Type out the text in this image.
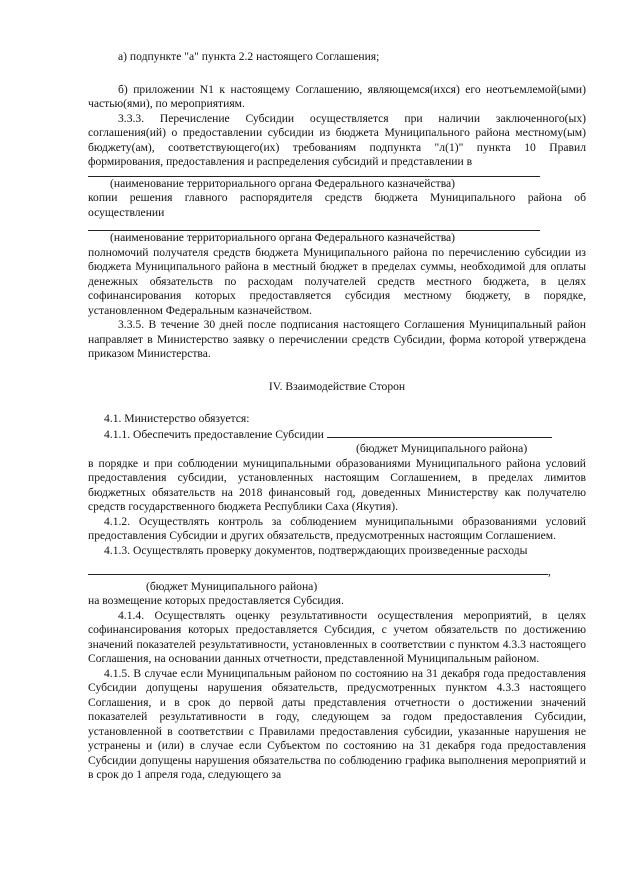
а) подпункте "а" пункта 2.2 настоящего Соглашения;

б) приложении N1 к настоящему Соглашению, являющемся(ихся) его неотъемлемой(ыми) частью(ями), по мероприятиям.

3.3.3. Перечисление Субсидии осуществляется при наличии заключенного(ых) соглашения(ий) о предоставлении субсидии из бюджета Муниципального района местному(ым) бюджету(ам), соответствующего(их) требованиям подпункта "л(1)" пункта 10 Правил формирования, предоставления и распределения субсидий и представлении в

(наименование территориального органа Федерального казначейства)

копии решения главного распорядителя средств бюджета Муниципального района об осуществлении

(наименование территориального органа Федерального казначейства)

полномочий получателя средств бюджета Муниципального района по перечислению субсидии из бюджета Муниципального района в местный бюджет в пределах суммы, необходимой для оплаты денежных обязательств по расходам получателей средств местного бюджета, в целях софинансирования которых предоставляется субсидия местному бюджету, в порядке, установленном Федеральным казначейством.

3.3.5. В течение 30 дней после подписания настоящего Соглашения Муниципальный район направляет в Министерство заявку о перечислении средств Субсидии, форма которой утверждена приказом Министерства.

IV. Взаимодействие Сторон

4.1. Министерство обязуется:

4.1.1. Обеспечить предоставление Субсидии

(бюджет Муниципального района)

в порядке и при соблюдении муниципальными образованиями Муниципального района условий предоставления субсидии, установленных настоящим Соглашением, в пределах лимитов бюджетных обязательств на 2018 финансовый год, доведенных Министерству как получателю средств государственного бюджета Республики Саха (Якутия).

4.1.2. Осуществлять контроль за соблюдением муниципальными образованиями условий предоставления Субсидии и других обязательств, предусмотренных настоящим Соглашением.

4.1.3. Осуществлять проверку документов, подтверждающих произведенные расходы

,

(бюджет Муниципального района)

на возмещение которых предоставляется Субсидия.

4.1.4. Осуществлять оценку результативности осуществления мероприятий, в целях софинансирования которых предоставляется Субсидия, с учетом обязательств по достижению значений показателей результативности, установленных в соответствии с пунктом 4.3.3 настоящего Соглашения, на основании данных отчетности, представленной Муниципальным районом.

4.1.5. В случае если Муниципальным районом по состоянию на 31 декабря года предоставления Субсидии допущены нарушения обязательств, предусмотренных пунктом 4.3.3 настоящего Соглашения, и в срок до первой даты представления отчетности о достижении значений показателей результативности в году, следующем за годом предоставления Субсидии, установленной в соответствии с Правилами предоставления субсидии, указанные нарушения не устранены и (или) в случае если Субъектом по состоянию на 31 декабря года предоставления Субсидии допущены нарушения обязательства по соблюдению графика выполнения мероприятий и в срок до 1 апреля года, следующего за
